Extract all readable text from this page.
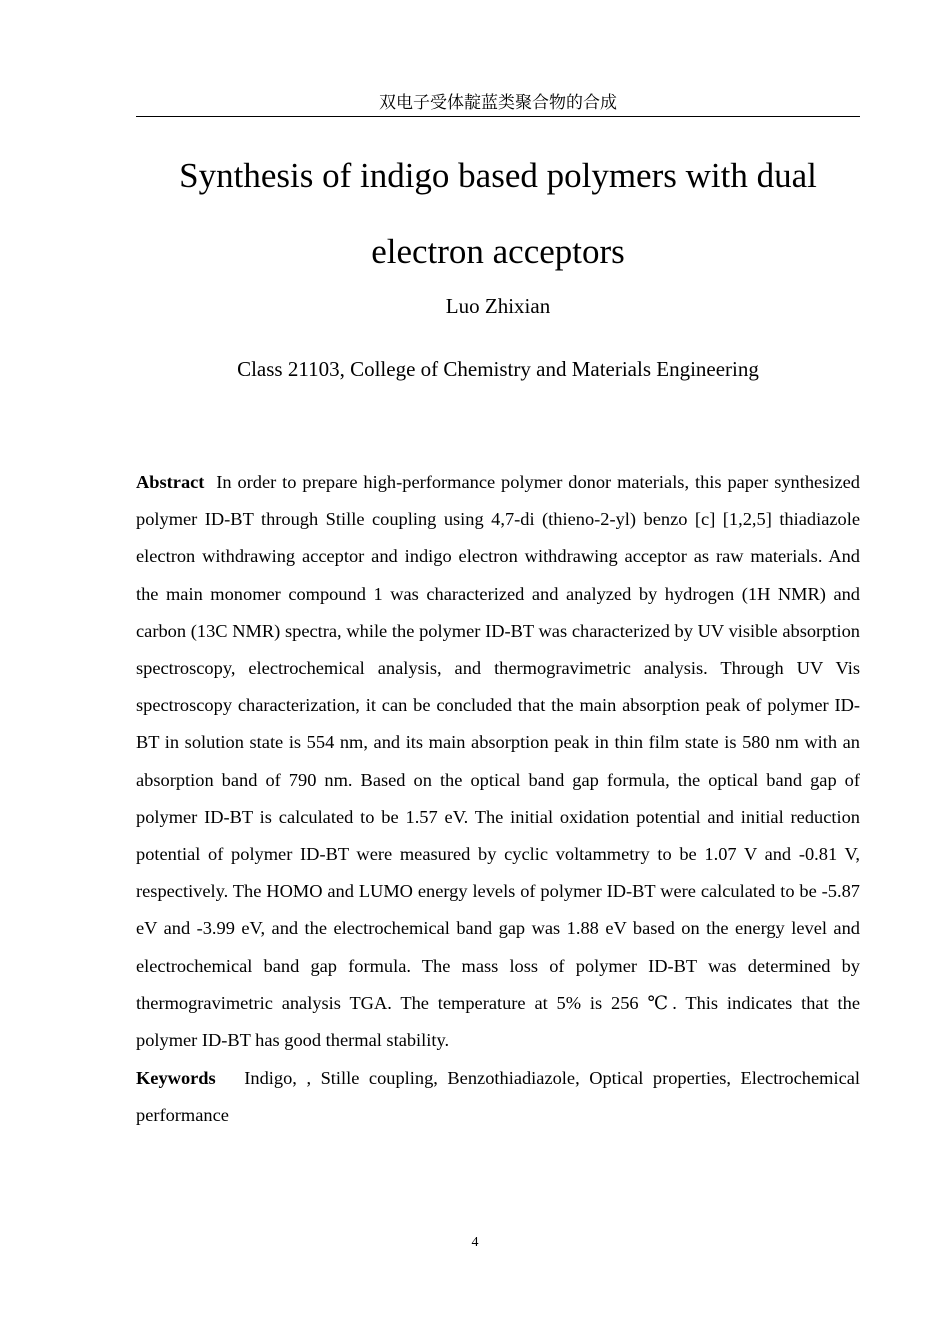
双电子受体靛蓝类聚合物的合成
Synthesis of indigo based polymers with dual electron acceptors
Luo Zhixian
Class 21103, College of Chemistry and Materials Engineering

Abstract In order to prepare high-performance polymer donor materials, this paper synthesized polymer ID-BT through Stille coupling using 4,7-di (thieno-2-yl) benzo [c] [1,2,5] thiadiazole electron withdrawing acceptor and indigo electron withdrawing acceptor as raw materials. And the main monomer compound 1 was characterized and analyzed by hydrogen (1H NMR) and carbon (13C NMR) spectra, while the polymer ID-BT was characterized by UV visible absorption spectroscopy, electrochemical analysis, and thermogravimetric analysis. Through UV Vis spectroscopy characterization, it can be concluded that the main absorption peak of polymer ID-BT in solution state is 554 nm, and its main absorption peak in thin film state is 580 nm with an absorption band of 790 nm. Based on the optical band gap formula, the optical band gap of polymer ID-BT is calculated to be 1.57 eV. The initial oxidation potential and initial reduction potential of polymer ID-BT were measured by cyclic voltammetry to be 1.07 V and -0.81 V, respectively. The HOMO and LUMO energy levels of polymer ID-BT were calculated to be -5.87 eV and -3.99 eV, and the electrochemical band gap was 1.88 eV based on the energy level and electrochemical band gap formula. The mass loss of polymer ID-BT was determined by thermogravimetric analysis TGA. The temperature at 5% is 256 ℃. This indicates that the polymer ID-BT has good thermal stability.

Keywords Indigo, , Stille coupling, Benzothiadiazole, Optical properties, Electrochemical performance

4
